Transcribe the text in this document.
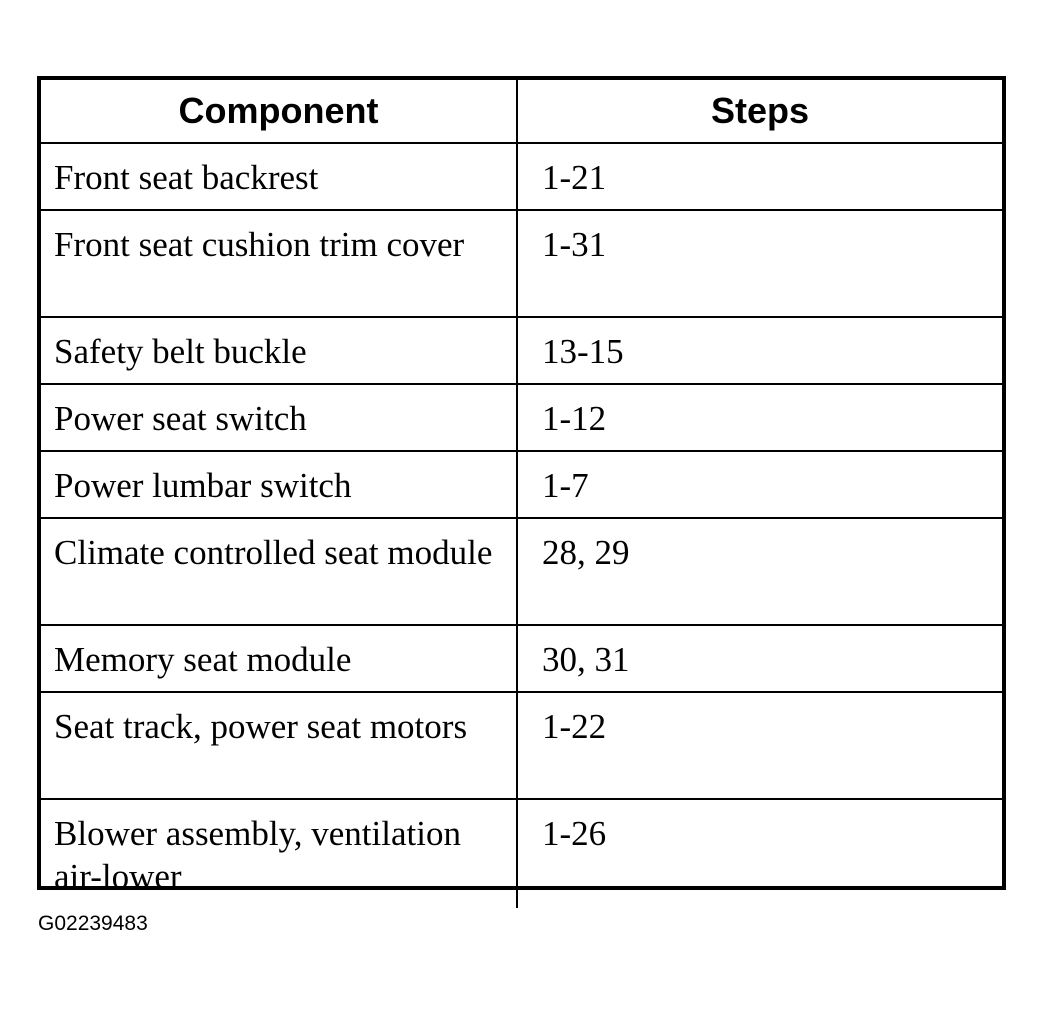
Component	Steps
Front seat backrest	1-21
Front seat cushion trim cover	1-31
Safety belt buckle	13-15
Power seat switch	1-12
Power lumbar switch	1-7
Climate controlled seat module	28, 29
Memory seat module	30, 31
Seat track, power seat motors	1-22
Blower assembly, ventilation air-lower	1-26
G02239483
